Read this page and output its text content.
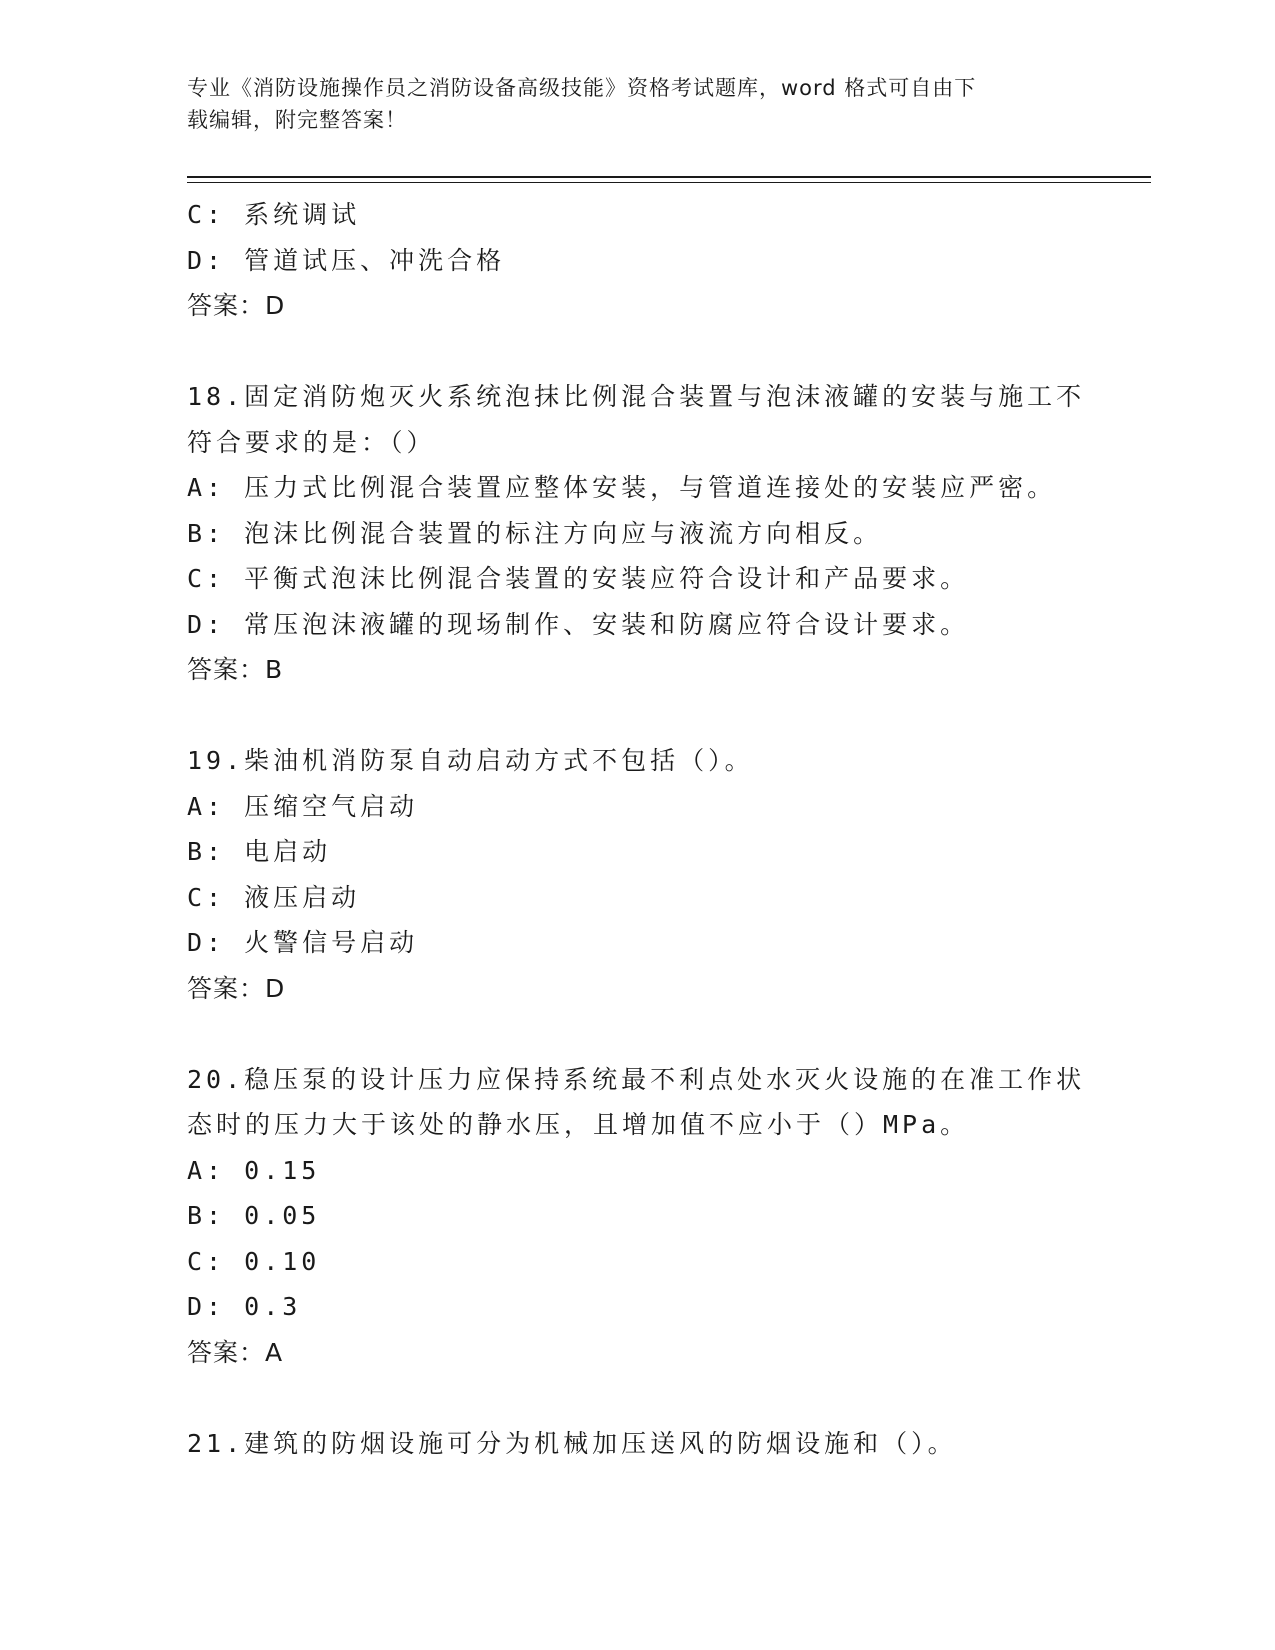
专业《消防设施操作员之消防设备高级技能》资格考试题库，word 格式可自由下
载编辑，附完整答案！
C: 系统调试
D: 管道试压、冲洗合格
答案：D
18.固定消防炮灭火系统泡抹比例混合装置与泡沫液罐的安装与施工不
符合要求的是：（）
A: 压力式比例混合装置应整体安装，与管道连接处的安装应严密。
B: 泡沫比例混合装置的标注方向应与液流方向相反。
C: 平衡式泡沫比例混合装置的安装应符合设计和产品要求。
D: 常压泡沫液罐的现场制作、安装和防腐应符合设计要求。
答案：B
19.柴油机消防泵自动启动方式不包括（）。
A: 压缩空气启动
B: 电启动
C: 液压启动
D: 火警信号启动
答案：D
20.稳压泵的设计压力应保持系统最不利点处水灭火设施的在准工作状
态时的压力大于该处的静水压，且增加值不应小于（）MPa。
A: 0.15
B: 0.05
C: 0.10
D: 0.3
答案：A
21.建筑的防烟设施可分为机械加压送风的防烟设施和（）。
